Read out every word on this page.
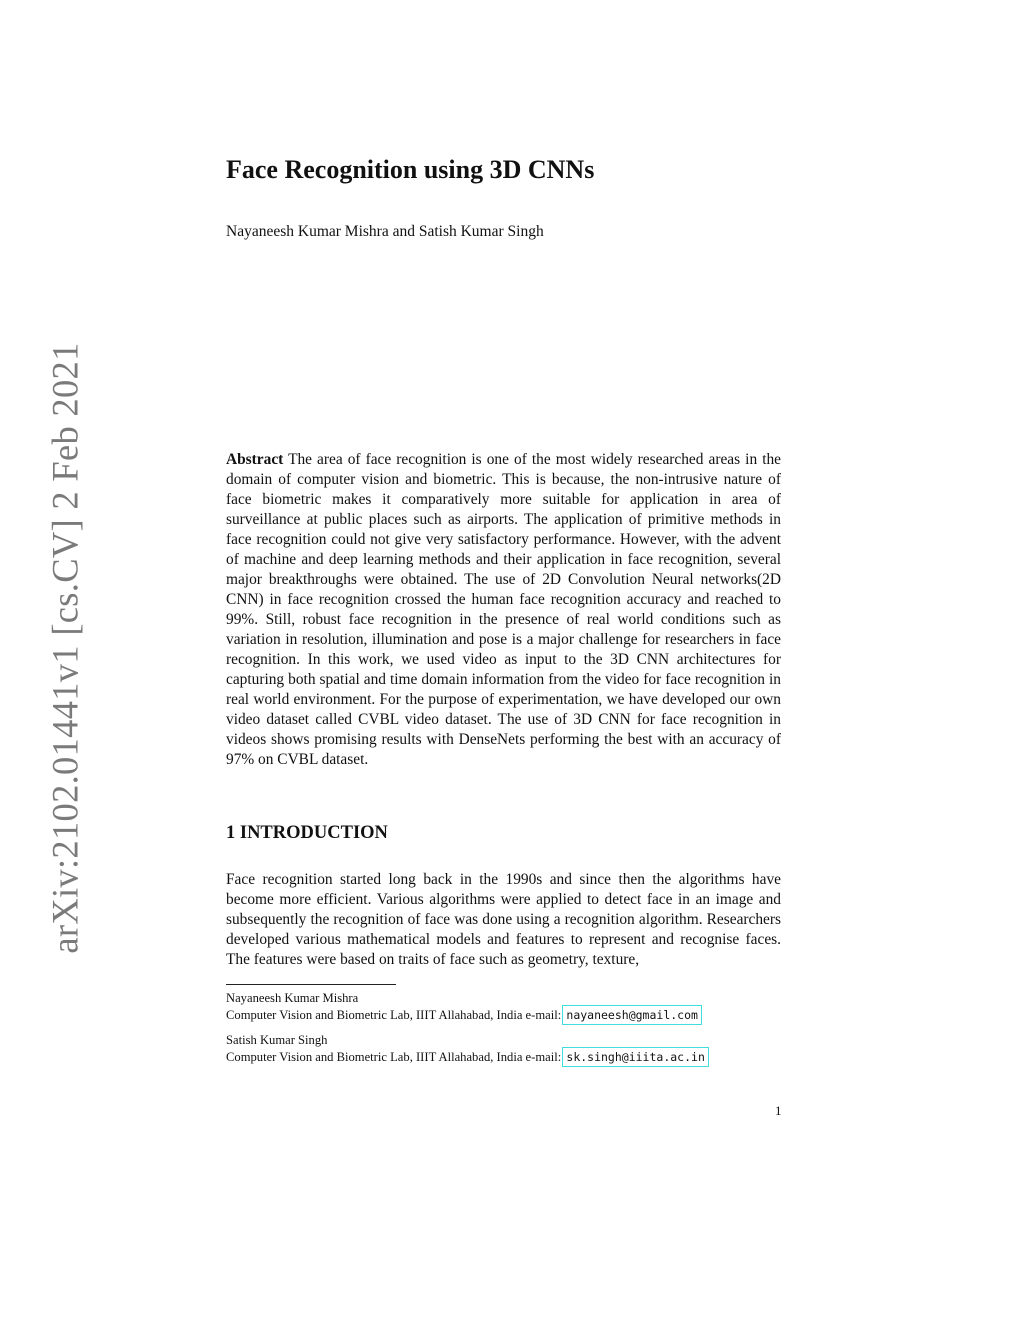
arXiv:2102.01441v1 [cs.CV] 2 Feb 2021
Face Recognition using 3D CNNs
Nayaneesh Kumar Mishra and Satish Kumar Singh

Abstract The area of face recognition is one of the most widely researched areas in the domain of computer vision and biometric. This is because, the non-intrusive nature of face biometric makes it comparatively more suitable for application in area of surveillance at public places such as airports. The application of primitive methods in face recognition could not give very satisfactory performance. However, with the advent of machine and deep learning methods and their application in face recognition, several major breakthroughs were obtained. The use of 2D Convolution Neural networks(2D CNN) in face recognition crossed the human face recognition accuracy and reached to 99%. Still, robust face recognition in the presence of real world conditions such as variation in resolution, illumination and pose is a major challenge for researchers in face recognition. In this work, we used video as input to the 3D CNN architectures for capturing both spatial and time domain information from the video for face recognition in real world environment. For the purpose of experimentation, we have developed our own video dataset called CVBL video dataset. The use of 3D CNN for face recognition in videos shows promising results with DenseNets performing the best with an accuracy of 97% on CVBL dataset.

1 INTRODUCTION

Face recognition started long back in the 1990s and since then the algorithms have become more efficient. Various algorithms were applied to detect face in an image and subsequently the recognition of face was done using a recognition algorithm. Researchers developed various mathematical models and features to represent and recognise faces. The features were based on traits of face such as geometry, texture,

Nayaneesh Kumar Mishra
Computer Vision and Biometric Lab, IIIT Allahabad, India e-mail: nayaneesh@gmail.com
Satish Kumar Singh
Computer Vision and Biometric Lab, IIIT Allahabad, India e-mail: sk.singh@iiita.ac.in
1
